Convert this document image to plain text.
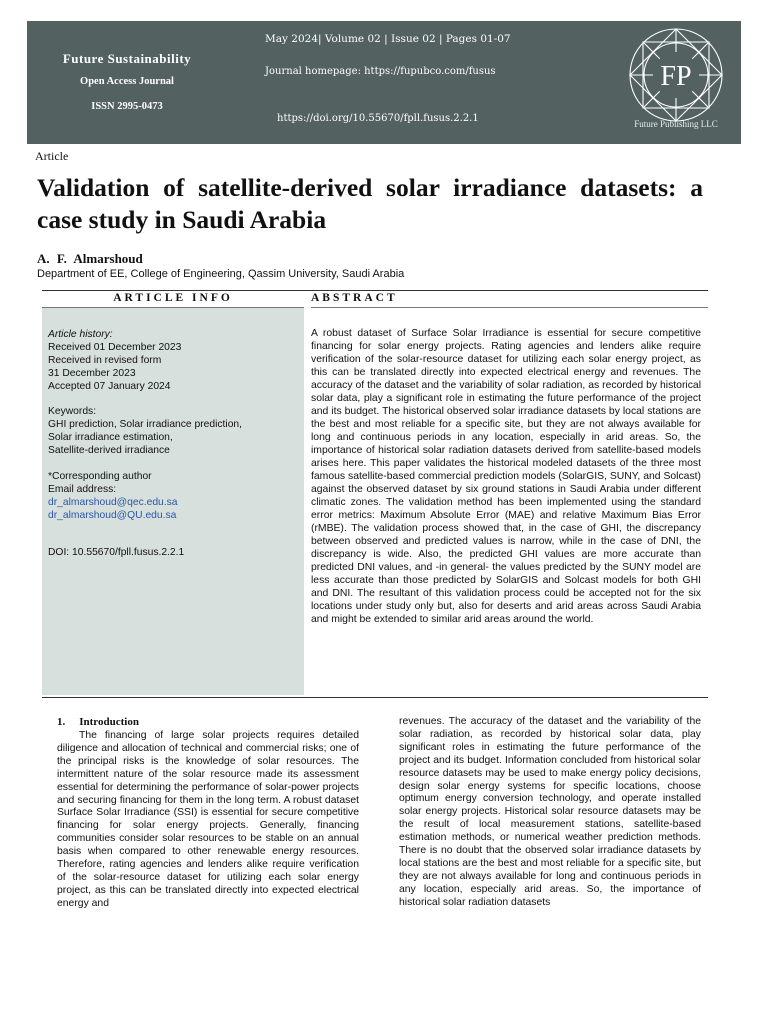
Future Sustainability
Open Access Journal
ISSN 2995-0473
May 2024| Volume 02 | Issue 02 | Pages 01-07
Journal homepage: https://fupubco.com/fusus
https://doi.org/10.55670/fpll.fusus.2.2.1
FP
Future Publishing LLC
Article
Validation of satellite-derived solar irradiance datasets: a case study in Saudi Arabia
A. F. Almarshoud
Department of EE, College of Engineering, Qassim University, Saudi Arabia
ARTICLE INFO	ABSTRACT
Article history:
Received 01 December 2023
Received in revised form
31 December 2023
Accepted 07 January 2024
Keywords:
GHI prediction, Solar irradiance prediction,
Solar irradiance estimation,
Satellite-derived irradiance
*Corresponding author
Email address:
dr_almarshoud@qec.edu.sa
dr_almarshoud@QU.edu.sa
DOI: 10.55670/fpll.fusus.2.2.1

A robust dataset of Surface Solar Irradiance is essential for secure competitive financing for solar energy projects. Rating agencies and lenders alike require verification of the solar-resource dataset for utilizing each solar energy project, as this can be translated directly into expected electrical energy and revenues. The accuracy of the dataset and the variability of solar radiation, as recorded by historical solar data, play a significant role in estimating the future performance of the project and its budget. The historical observed solar irradiance datasets by local stations are the best and most reliable for a specific site, but they are not always available for long and continuous periods in any location, especially in arid areas. So, the importance of historical solar radiation datasets derived from satellite-based models arises here. This paper validates the historical modeled datasets of the three most famous satellite-based commercial prediction models (SolarGIS, SUNY, and Solcast) against the observed dataset by six ground stations in Saudi Arabia under different climatic zones. The validation method has been implemented using the standard error metrics: Maximum Absolute Error (MAE) and relative Maximum Bias Error (rMBE). The validation process showed that, in the case of GHI, the discrepancy between observed and predicted values is narrow, while in the case of DNI, the discrepancy is wide. Also, the predicted GHI values are more accurate than predicted DNI values, and -in general- the values predicted by the SUNY model are less accurate than those predicted by SolarGIS and Solcast models for both GHI and DNI. The resultant of this validation process could be accepted not for the six locations under study only but, also for deserts and arid areas across Saudi Arabia and might be extended to similar arid areas around the world.

1. Introduction

The financing of large solar projects requires detailed diligence and allocation of technical and commercial risks; one of the principal risks is the knowledge of solar resources. The intermittent nature of the solar resource made its assessment essential for determining the performance of solar-power projects and securing financing for them in the long term. A robust dataset Surface Solar Irradiance (SSI) is essential for secure competitive financing for solar energy projects. Generally, financing communities consider solar resources to be stable on an annual basis when compared to other renewable energy resources. Therefore, rating agencies and lenders alike require verification of the solar-resource dataset for utilizing each solar energy project, as this can be translated directly into expected electrical energy and

revenues. The accuracy of the dataset and the variability of the solar radiation, as recorded by historical solar data, play significant roles in estimating the future performance of the project and its budget. Information concluded from historical solar resource datasets may be used to make energy policy decisions, design solar energy systems for specific locations, choose optimum energy conversion technology, and operate installed solar energy projects. Historical solar resource datasets may be the result of local measurement stations, satellite-based estimation methods, or numerical weather prediction methods. There is no doubt that the observed solar irradiance datasets by local stations are the best and most reliable for a specific site, but they are not always available for long and continuous periods in any location, especially arid areas. So, the importance of historical solar radiation datasets
